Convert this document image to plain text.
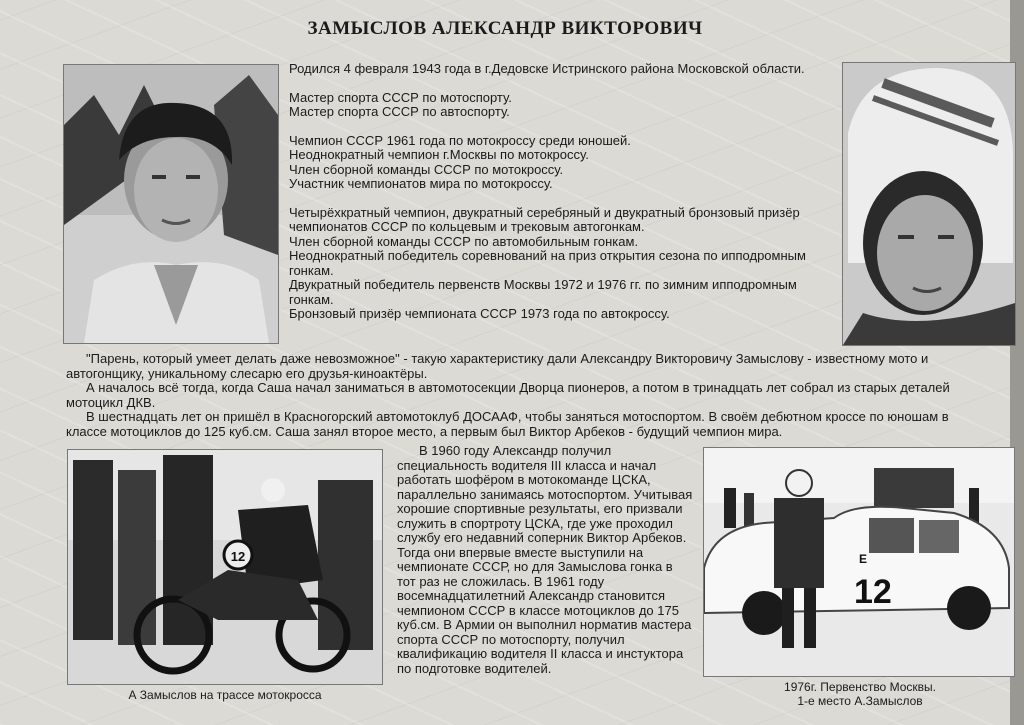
ЗАМЫСЛОВ АЛЕКСАНДР ВИКТОРОВИЧ

Родился 4 февраля 1943 года в г.Дедовске Истринского района Московской области.

Мастер спорта СССР по мотоспорту.
Мастер спорта СССР по автоспорту.

Чемпион СССР 1961 года по мотокроссу среди юношей.
Неоднократный чемпион г.Москвы по мотокроссу.
Член сборной команды СССР по мотокроссу.
Участник чемпионатов мира по мотокроссу.

Четырёхкратный чемпион, двукратный серебряный и двукратный бронзовый призёр чемпионатов СССР по кольцевым и трековым автогонкам.
Член сборной команды СССР по автомобильным гонкам.
Неоднократный победитель соревнований на приз открытия сезона по ипподромным гонкам.
Двукратный победитель первенств Москвы 1972 и 1976 гг. по зимним ипподромным гонкам.
Бронзовый призёр чемпионата СССР 1973 года по автокроссу.

"Парень, который умеет делать даже невозможное" - такую характеристику дали Александру Викторовичу Замыслову - известному мото и автогонщику, уникальному слесарю его друзья-киноактёры.

А началось всё тогда, когда Саша начал заниматься в автомотосекции Дворца пионеров, а потом в тринадцать лет собрал из старых деталей мотоцикл ДКВ.

В шестнадцать лет он пришёл в Красногорский автомотоклуб ДОСААФ, чтобы заняться мотоспортом. В своём дебютном кроссе по юношам в классе мотоциклов до 125 куб.см. Саша занял второе место, а первым был Виктор Арбеков - будущий чемпион мира.

12

В 1960 году Александр получил специальность водителя III класса и начал работать шофёром в мотокоманде ЦСКА, параллельно занимаясь мотоспортом. Учитывая хорошие спортивные результаты, его призвали служить в спортроту ЦСКА, где уже проходил службу его недавний соперник Виктор Арбеков. Тогда они впервые вместе выступили на чемпионате СССР, но для Замыслова гонка в тот раз не сложилась. В 1961 году восемнадцатилетний Александр становится чемпионом СССР в классе мотоциклов до 175 куб.см. В Армии он выполнил норматив мастера спорта СССР по мотоспорту, получил квалификацию водителя II класса и инстуктора по подготовке водителей.

E
12
А Замыслов на трассе мотокросса
1976г. Первенство Москвы.
1-е место А.Замыслов
